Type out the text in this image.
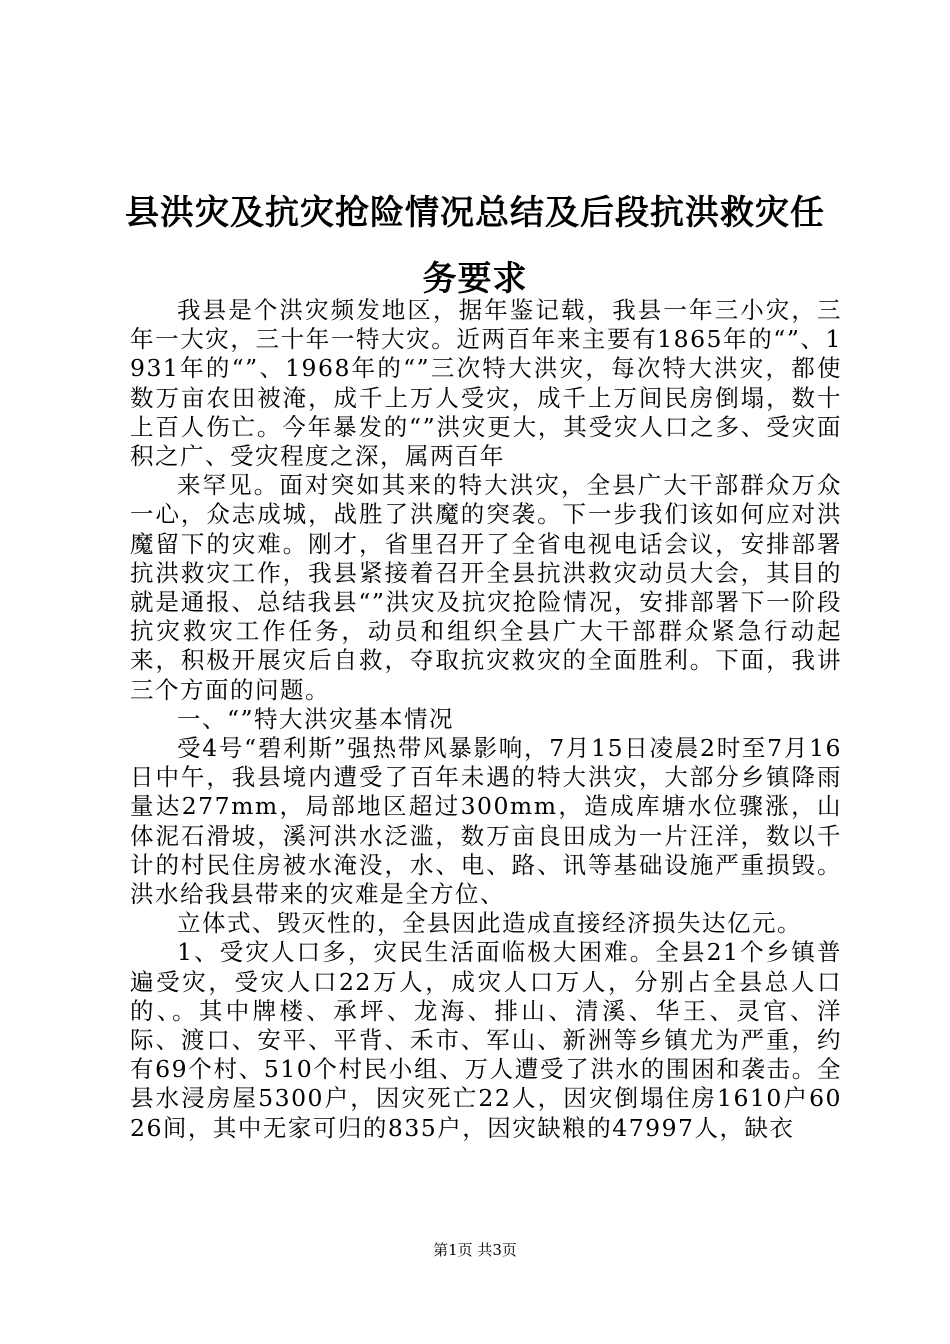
县洪灾及抗灾抢险情况总结及后段抗洪救灾任务要求

我县是个洪灾频发地区，据年鉴记载，我县一年三小灾，三年一大灾，三十年一特大灾。近两百年来主要有1865年的“”、1931年的“”、1968年的“”三次特大洪灾，每次特大洪灾，都使数万亩农田被淹，成千上万人受灾，成千上万间民房倒塌，数十上百人伤亡。今年暴发的“”洪灾更大，其受灾人口之多、受灾面积之广、受灾程度之深，属两百年

来罕见。面对突如其来的特大洪灾，全县广大干部群众万众一心，众志成城，战胜了洪魔的突袭。下一步我们该如何应对洪魔留下的灾难。刚才，省里召开了全省电视电话会议，安排部署抗洪救灾工作，我县紧接着召开全县抗洪救灾动员大会，其目的就是通报、总结我县“”洪灾及抗灾抢险情况，安排部署下一阶段抗灾救灾工作任务，动员和组织全县广大干部群众紧急行动起来，积极开展灾后自救，夺取抗灾救灾的全面胜利。下面，我讲三个方面的问题。

一、“”特大洪灾基本情况

受4号“碧利斯”强热带风暴影响，7月15日凌晨2时至7月16日中午，我县境内遭受了百年未遇的特大洪灾，大部分乡镇降雨量达277mm，局部地区超过300mm，造成库塘水位骤涨，山体泥石滑坡，溪河洪水泛滥，数万亩良田成为一片汪洋，数以千计的村民住房被水淹没，水、电、路、讯等基础设施严重损毁。洪水给我县带来的灾难是全方位、

立体式、毁灭性的，全县因此造成直接经济损失达亿元。

1、受灾人口多，灾民生活面临极大困难。全县21个乡镇普遍受灾，受灾人口22万人，成灾人口万人，分别占全县总人口的、。其中牌楼、承坪、龙海、排山、清溪、华王、灵官、洋际、渡口、安平、平背、禾市、军山、新洲等乡镇尤为严重，约有69个村、510个村民小组、万人遭受了洪水的围困和袭击。全县水浸房屋5300户，因灾死亡22人，因灾倒塌住房1610户6026间，其中无家可归的835户，因灾缺粮的47997人，缺衣

第1页 共3页
